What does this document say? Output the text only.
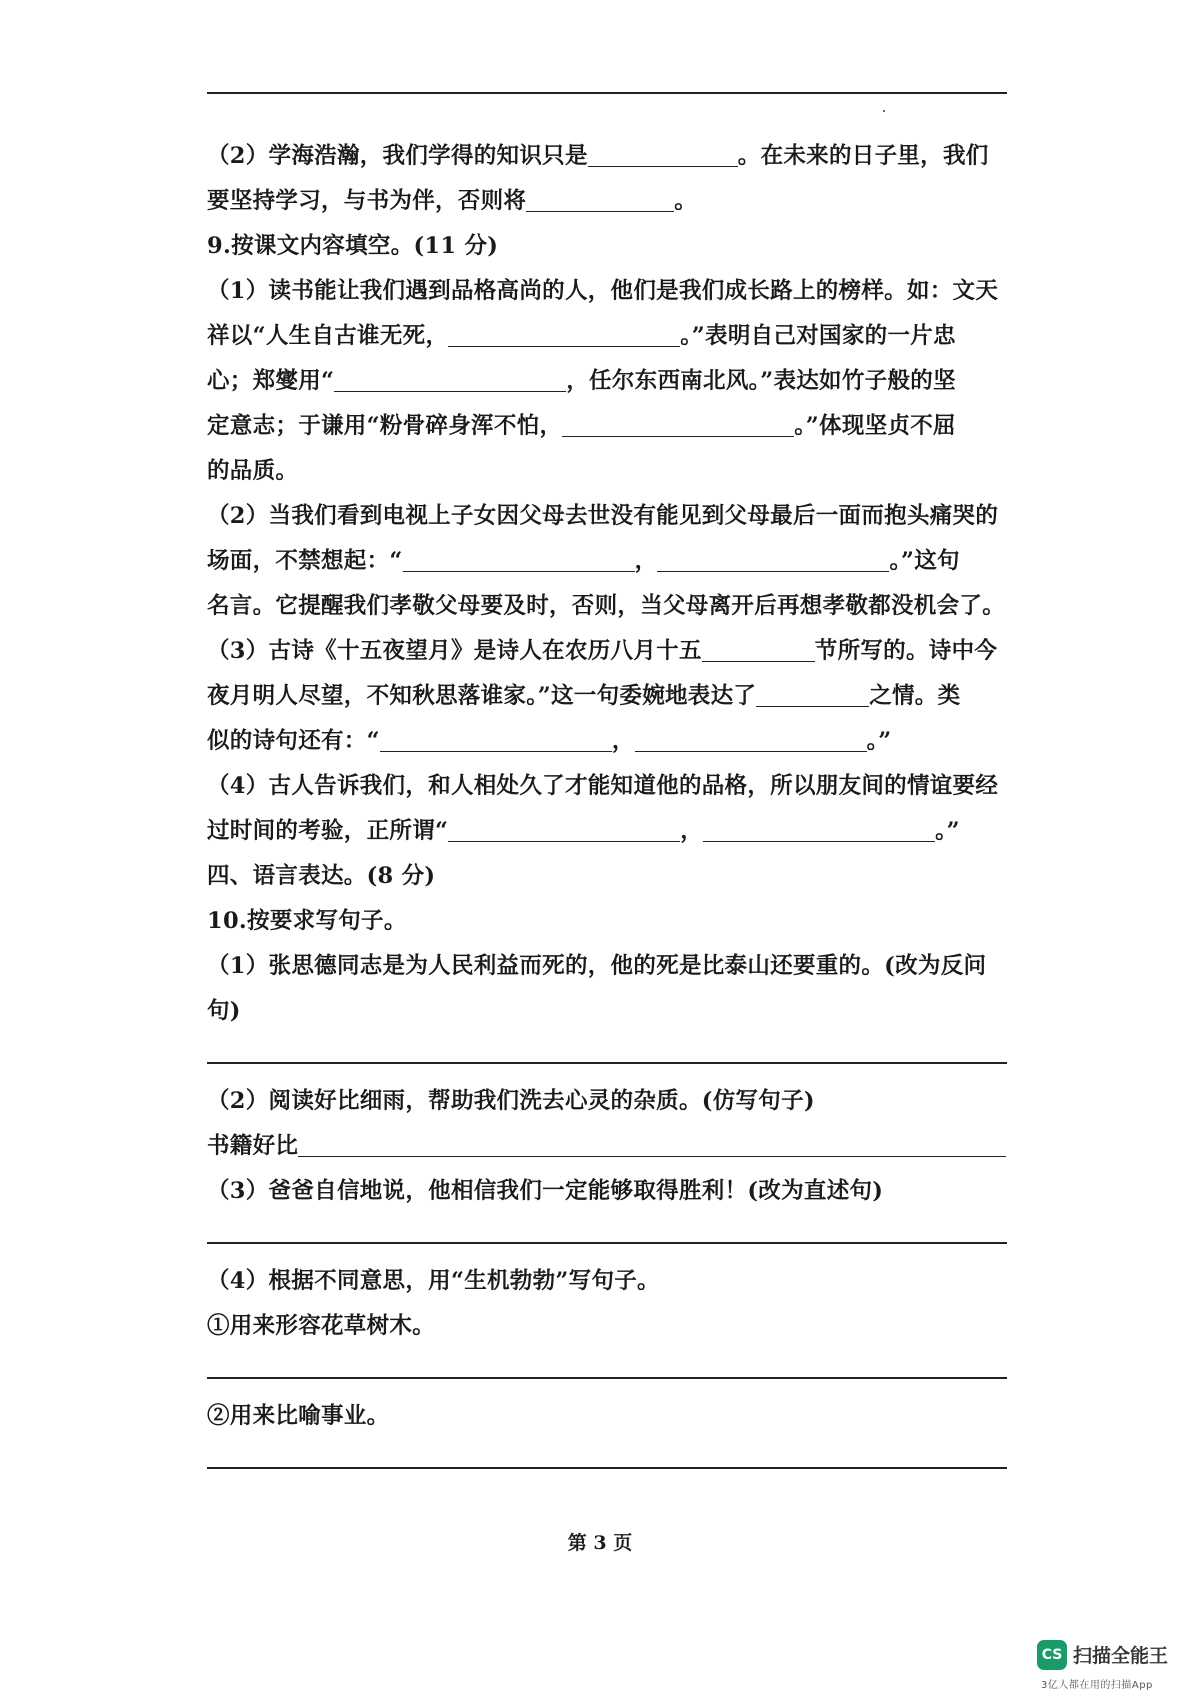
（2）学海浩瀚，我们学得的知识只是	。在未来的日子里，我们
要坚持学习，与书为伴，否则将	。
9.按课文内容填空。(11 分)
（1）读书能让我们遇到品格高尚的人，他们是我们成长路上的榜样。如：文天
祥以“人生自古谁无死，	。”表明自己对国家的一片忠
心；郑燮用“	，任尔东西南北风。”表达如竹子般的坚
定意志；于谦用“粉骨碎身浑不怕，	。”体现坚贞不屈
的品质。
（2）当我们看到电视上子女因父母去世没有能见到父母最后一面而抱头痛哭的
场面，不禁想起：“	，	。”这句
名言。它提醒我们孝敬父母要及时，否则，当父母离开后再想孝敬都没机会了。
（3）古诗《十五夜望月》是诗人在农历八月十五	节所写的。诗中今
夜月明人尽望，不知秋思落谁家。”这一句委婉地表达了	之情。类
似的诗句还有：“	，	。”
（4）古人告诉我们，和人相处久了才能知道他的品格，所以朋友间的情谊要经
过时间的考验，正所谓“	，	。”
四、语言表达。(8 分)
10.按要求写句子。
（1）张思德同志是为人民利益而死的，他的死是比泰山还要重的。(改为反问
句)
（2）阅读好比细雨，帮助我们洗去心灵的杂质。(仿写句子)
书籍好比
（3）爸爸自信地说，他相信我们一定能够取得胜利！(改为直述句)
（4）根据不同意思，用“生机勃勃”写句子。
①用来形容花草树木。
②用来比喻事业。
第 3 页
CS 扫描全能王
3亿人都在用的扫描App
